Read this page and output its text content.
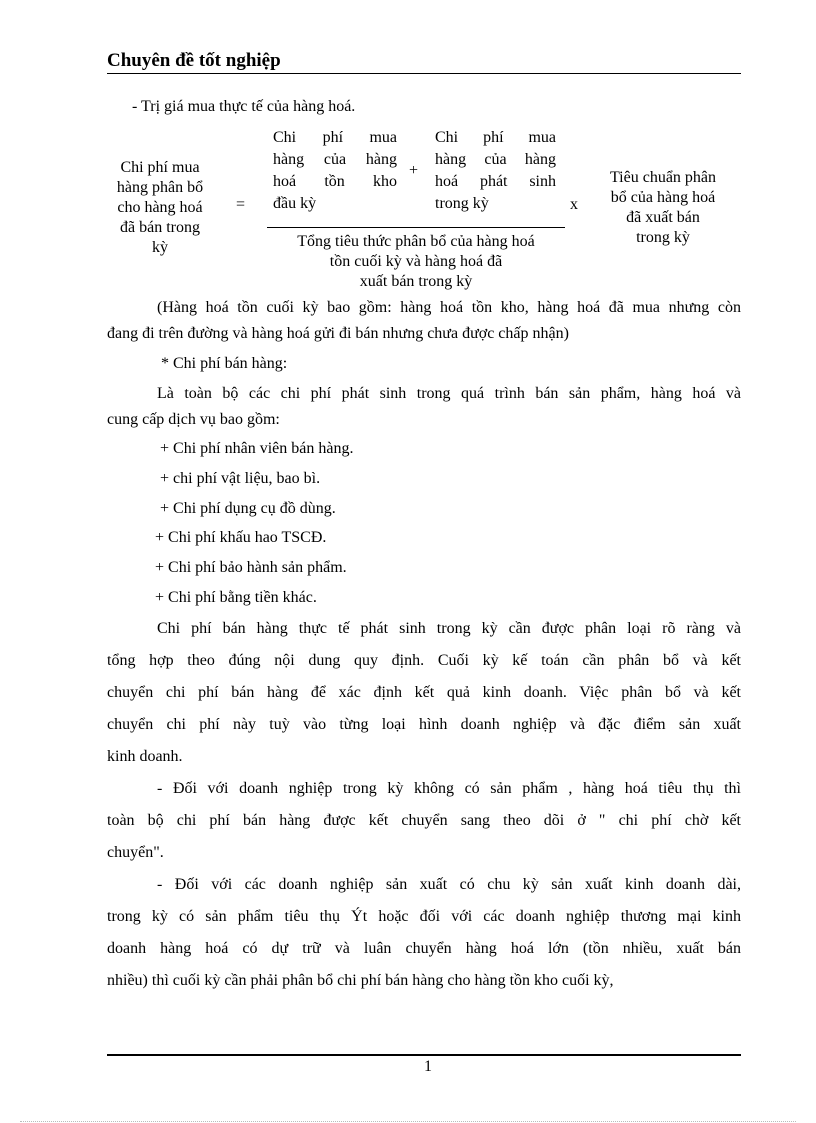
Chuyên đề tốt nghiệp
- Trị giá mua thực tế của hàng hoá.
Chi phí mua
hàng phân bổ
cho hàng hoá
đã bán trong
kỳ
=
Chi phí mua
hàng của hàng
hoá tồn kho
đầu kỳ
+
Chi phí mua
hàng của hàng
hoá phát sinh
trong kỳ
Tổng tiêu thức phân bổ của hàng hoá
tồn cuối kỳ và hàng hoá đã
xuất bán trong kỳ
x
Tiêu chuẩn phân
bổ của hàng hoá
đã xuất bán
trong kỳ
(Hàng hoá tồn cuối kỳ bao gồm: hàng hoá tồn kho, hàng hoá đã mua nhưng còn
đang đi trên đường và hàng hoá gửi đi bán nhưng chưa được chấp nhận)
* Chi phí bán hàng:
Là toàn bộ các chi phí phát sinh trong quá trình bán sản phẩm, hàng hoá và
cung cấp dịch vụ bao gồm:
+ Chi phí nhân viên bán hàng.
+ chi phí vật liệu, bao bì.
+ Chi phí dụng cụ đồ dùng.
+ Chi phí khấu hao TSCĐ.
+ Chi phí bảo hành sản phẩm.
+ Chi phí bằng tiền khác.
Chi phí bán hàng thực tế phát sinh trong kỳ cần được phân loại rõ ràng và
tổng hợp theo đúng nội dung quy định. Cuối kỳ kế toán cần phân bổ và kết
chuyển chi phí bán hàng để xác định kết quả kinh doanh. Việc phân bổ và kết
chuyển chi phí này tuỳ vào từng loại hình doanh nghiệp và đặc điểm sản xuất
kinh doanh.
- Đối với doanh nghiệp trong kỳ không có sản phẩm , hàng hoá tiêu thụ thì
toàn bộ chi phí bán hàng được kết chuyển sang theo dõi ở " chi phí chờ kết
chuyển".
- Đối với các doanh nghiệp sản xuất có chu kỳ sản xuất kinh doanh dài,
trong kỳ có sản phẩm tiêu thụ Ýt hoặc đối với các doanh nghiệp thương mại kinh
doanh hàng hoá có dự trữ và luân chuyển hàng hoá lớn (tồn nhiều, xuất bán
nhiều) thì cuối kỳ cần phải phân bổ chi phí bán hàng cho hàng tồn kho cuối kỳ,
1
